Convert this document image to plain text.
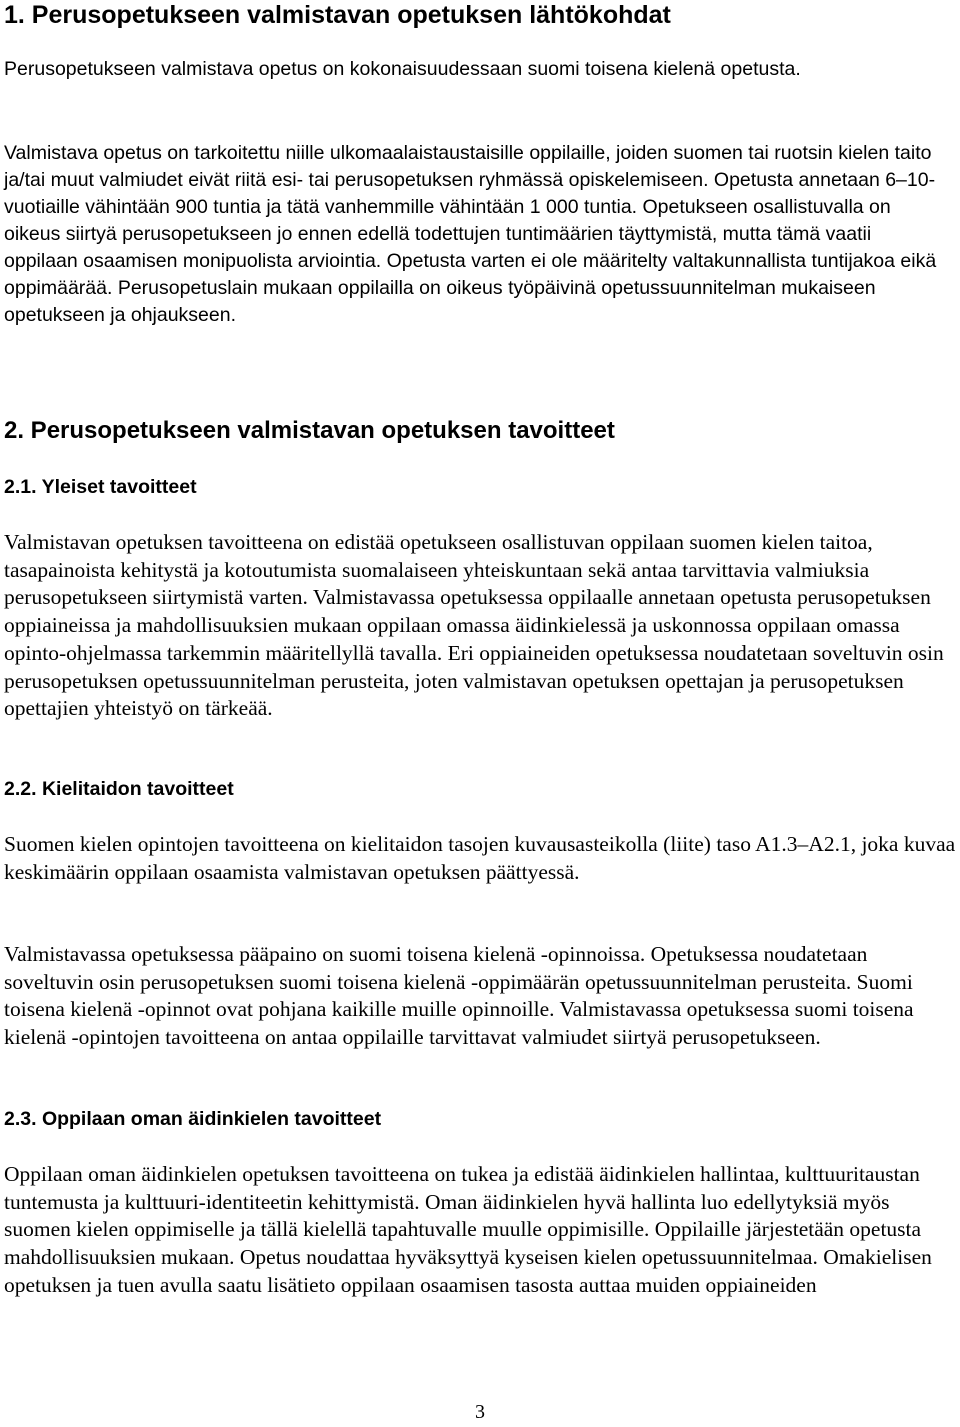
1. Perusopetukseen valmistavan opetuksen lähtökohdat

Perusopetukseen valmistava opetus on kokonaisuudessaan suomi toisena kielenä opetusta.

Valmistava opetus on tarkoitettu niille ulkomaalaistaustaisille oppilaille, joiden suomen tai ruotsin kielen taito ja/tai muut valmiudet eivät riitä esi- tai perusopetuksen ryhmässä opiskelemiseen. Opetusta annetaan 6–10-vuotiaille vähintään 900 tuntia ja tätä vanhemmille vähintään 1 000 tuntia. Opetukseen osallistuvalla on oikeus siirtyä perusopetukseen jo ennen edellä todettujen tuntimäärien täyttymistä, mutta tämä vaatii oppilaan osaamisen monipuolista arviointia. Opetusta varten ei ole määritelty valtakunnallista tuntijakoa eikä oppimäärää. Perusopetuslain mukaan oppilailla on oikeus työpäivinä opetussuunnitelman mukaiseen opetukseen ja ohjaukseen.

2. Perusopetukseen valmistavan opetuksen tavoitteet
2.1. Yleiset tavoitteet

Valmistavan opetuksen tavoitteena on edistää opetukseen osallistuvan oppilaan suomen kielen taitoa, tasapainoista kehitystä ja kotoutumista suomalaiseen yhteiskuntaan sekä antaa tarvittavia valmiuksia perusopetukseen siirtymistä varten. Valmistavassa opetuksessa oppilaalle annetaan opetusta perusopetuksen oppiaineissa ja mahdollisuuksien mukaan oppilaan omassa äidinkielessä ja uskonnossa oppilaan omassa opinto-ohjelmassa tarkemmin määritellyllä tavalla. Eri oppiaineiden opetuksessa noudatetaan soveltuvin osin perusopetuksen opetussuunnitelman perusteita, joten valmistavan opetuksen opettajan ja perusopetuksen opettajien yhteistyö on tärkeää.

2.2. Kielitaidon tavoitteet

Suomen kielen opintojen tavoitteena on kielitaidon tasojen kuvausasteikolla (liite) taso A1.3–A2.1, joka kuvaa keskimäärin oppilaan osaamista valmistavan opetuksen päättyessä.

Valmistavassa opetuksessa pääpaino on suomi toisena kielenä -opinnoissa. Opetuksessa noudatetaan soveltuvin osin perusopetuksen suomi toisena kielenä -oppimäärän opetussuunnitelman perusteita. Suomi toisena kielenä -opinnot ovat pohjana kaikille muille opinnoille. Valmistavassa opetuksessa suomi toisena kielenä -opintojen tavoitteena on antaa oppilaille tarvittavat valmiudet siirtyä perusopetukseen.

2.3. Oppilaan oman äidinkielen tavoitteet

Oppilaan oman äidinkielen opetuksen tavoitteena on tukea ja edistää äidinkielen hallintaa, kulttuuritaustan tuntemusta ja kulttuuri-identiteetin kehittymistä. Oman äidinkielen hyvä hallinta luo edellytyksiä myös suomen kielen oppimiselle ja tällä kielellä tapahtuvalle muulle oppimisille. Oppilaille järjestetään opetusta mahdollisuuksien mukaan. Opetus noudattaa hyväksyttyä kyseisen kielen opetussuunnitelmaa. Omakielisen opetuksen ja tuen avulla saatu lisätieto oppilaan osaamisen tasosta auttaa muiden oppiaineiden

3
